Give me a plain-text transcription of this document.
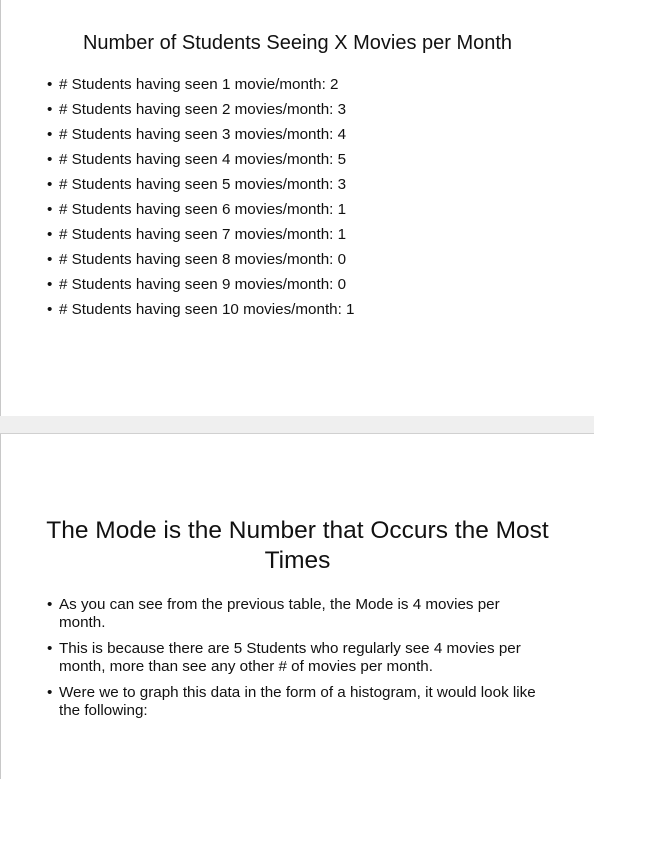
Number of Students Seeing X Movies per Month
• # Students having seen 1 movie/month: 2
• # Students having seen 2 movies/month: 3
• # Students having seen 3 movies/month: 4
• # Students having seen 4 movies/month: 5
• # Students having seen 5 movies/month: 3
• # Students having seen 6 movies/month: 1
• # Students having seen 7 movies/month: 1
• # Students having seen 8 movies/month: 0
• # Students having seen 9 movies/month: 0
• # Students having seen 10 movies/month: 1
The Mode is the Number that Occurs the Most Times
• As you can see from the previous table, the Mode is 4 movies per month.
• This is because there are 5 Students who regularly see 4 movies per month, more than see any other # of movies per month.
• Were we to graph this data in the form of a histogram, it would look like the following:
